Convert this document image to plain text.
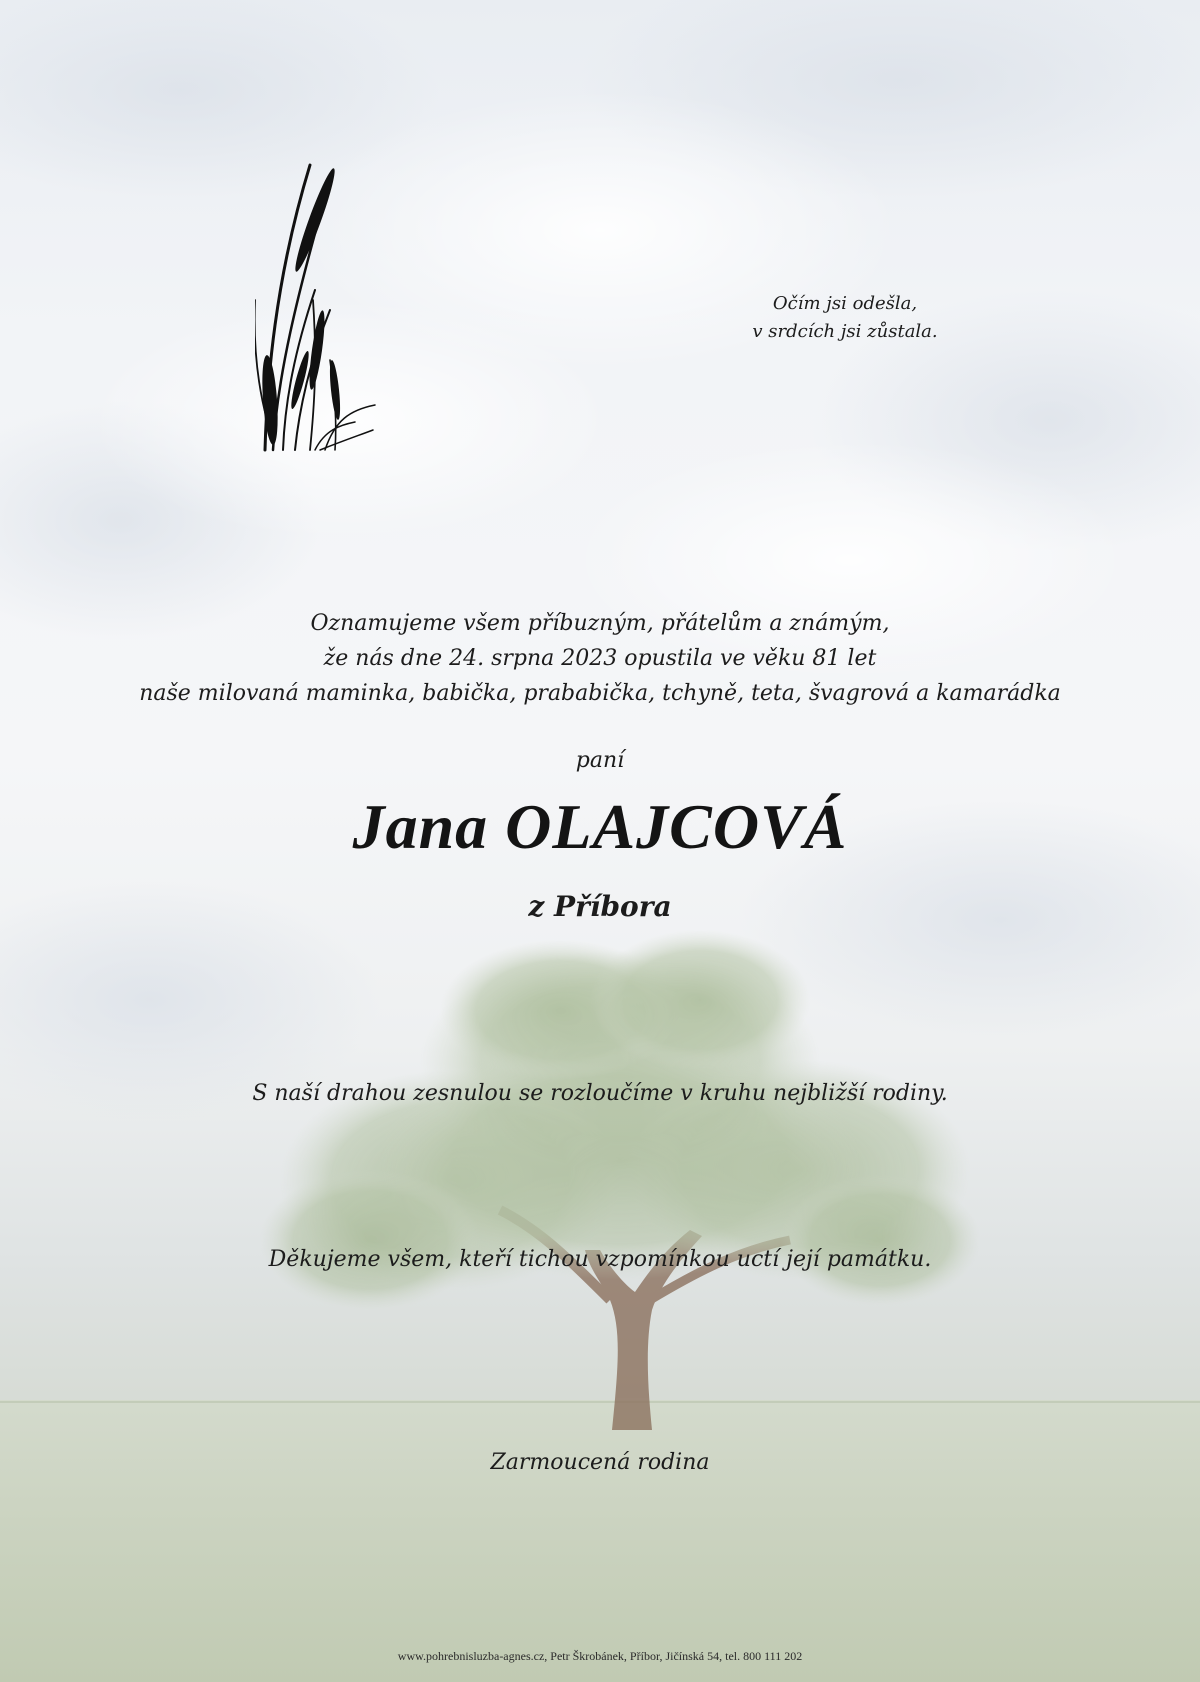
Očím jsi odešla,
v srdcích jsi zůstala.
Oznamujeme všem příbuzným, přátelům a známým,
že nás dne 24. srpna 2023 opustila ve věku 81 let
naše milovaná maminka, babička, prababička, tchyně, teta, švagrová a kamarádka
paní
Jana OLAJCOVÁ
z Příbora
S naší drahou zesnulou se rozloučíme v kruhu nejbližší rodiny.
Děkujeme všem, kteří tichou vzpomínkou uctí její památku.
Zarmoucená rodina
www.pohrebnisluzba-agnes.cz, Petr Škrobánek, Příbor, Jičínská 54, tel. 800 111 202
